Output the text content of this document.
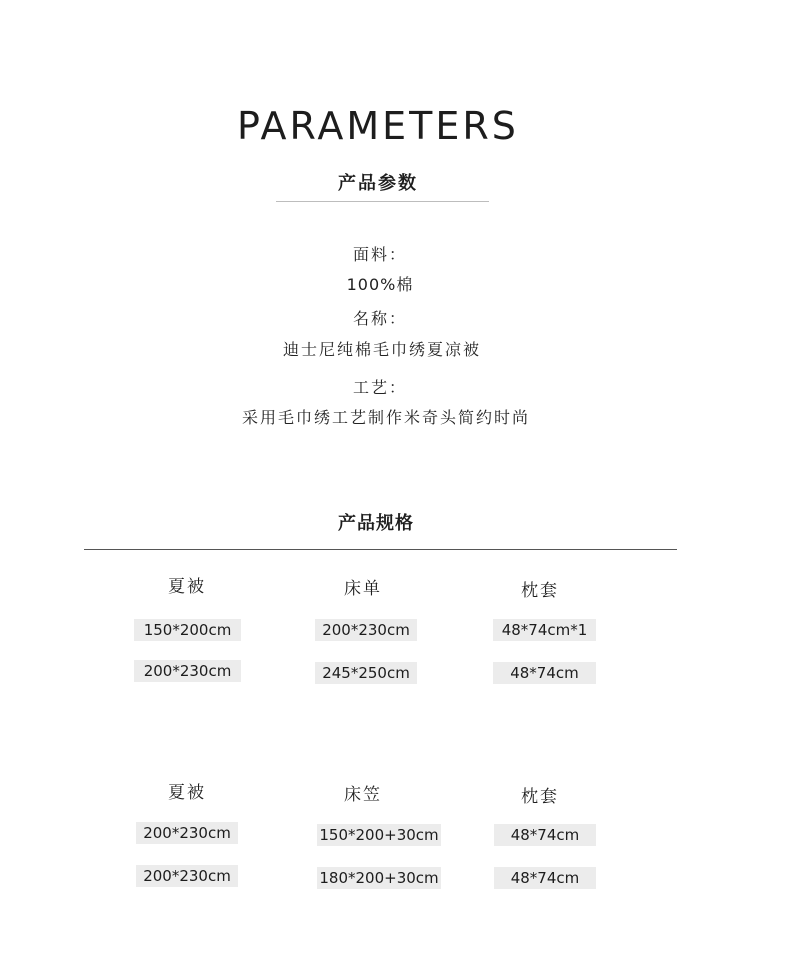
PARAMETERS
产品参数
面料：
100%棉
名称：
迪士尼纯棉毛巾绣夏凉被
工艺：
采用毛巾绣工艺制作米奇头简约时尚
产品规格
夏被	床单	枕套
150*200cm	200*230cm	48*74cm*1
200*230cm	245*250cm	48*74cm
夏被	床笠	枕套
200*230cm	150*200+30cm	48*74cm
200*230cm	180*200+30cm	48*74cm
